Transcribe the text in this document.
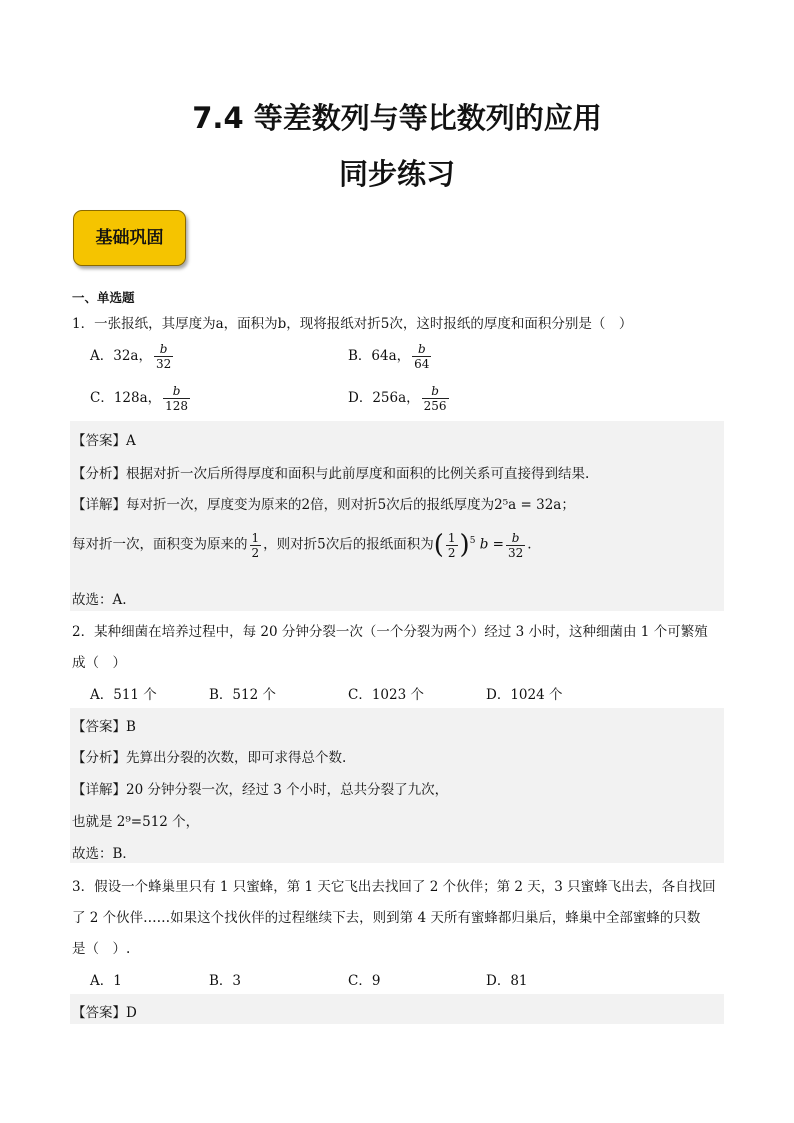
7.4 等差数列与等比数列的应用
同步练习
基础巩固
一、单选题
1．一张报纸，其厚度为a，面积为b，现将报纸对折5次，这时报纸的厚度和面积分别是（　）
A．32a， $\frac{b}{32}$	B．64a， $\frac{b}{64}$
C．128a， $\frac{b}{128}$	D．256a， $\frac{b}{256}$
【答案】A
【分析】根据对折一次后所得厚度和面积与此前厚度和面积的比例关系可直接得到结果.
【详解】每对折一次，厚度变为原来的2倍，则对折5次后的报纸厚度为2⁵a = 32a；
每对折一次，面积变为原来的 $\frac{1}{2}$ ，则对折5次后的报纸面积为( $\frac{1}{2} )^5$ $b = \frac{b}{32}$ .
故选：A.
2．某种细菌在培养过程中，每 20 分钟分裂一次（一个分裂为两个）经过 3 小时，这种细菌由 1 个可繁殖
成（　）
A．511 个	B．512 个	C．1023 个	D．1024 个
【答案】B
【分析】先算出分裂的次数，即可求得总个数.
【详解】20 分钟分裂一次，经过 3 个小时，总共分裂了九次，
也就是 2⁹=512 个，
故选：B．
3．假设一个蜂巢里只有 1 只蜜蜂，第 1 天它飞出去找回了 2 个伙伴；第 2 天，3 只蜜蜂飞出去，各自找回
了 2 个伙伴……如果这个找伙伴的过程继续下去，则到第 4 天所有蜜蜂都归巢后，蜂巢中全部蜜蜂的只数
是（　）.
A．1	B．3	C．9	D．81
【答案】D
